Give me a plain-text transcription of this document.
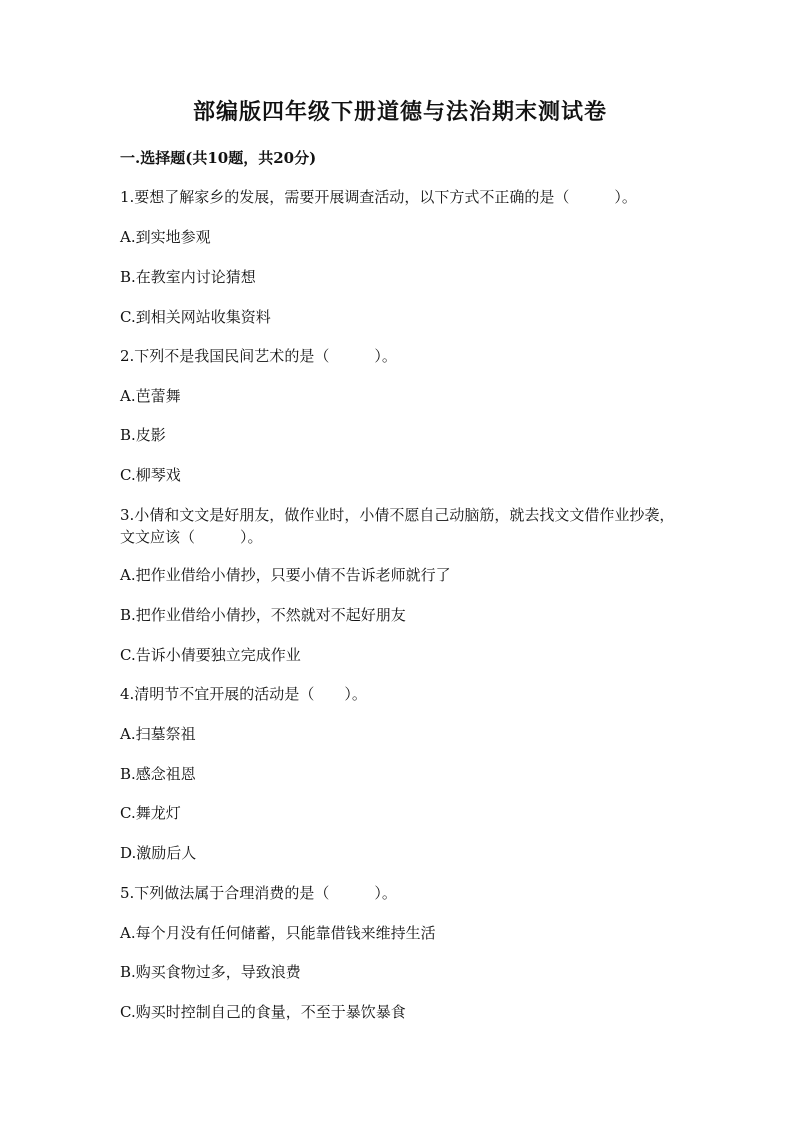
部编版四年级下册道德与法治期末测试卷
一.选择题(共10题，共20分)
1.要想了解家乡的发展，需要开展调查活动，以下方式不正确的是（　　　）。
A.到实地参观
B.在教室内讨论猜想
C.到相关网站收集资料
2.下列不是我国民间艺术的是（　　　）。
A.芭蕾舞
B.皮影
C.柳琴戏
3.小倩和文文是好朋友，做作业时，小倩不愿自己动脑筋，就去找文文借作业抄袭，文文应该（　　　）。
A.把作业借给小倩抄，只要小倩不告诉老师就行了
B.把作业借给小倩抄，不然就对不起好朋友
C.告诉小倩要独立完成作业
4.清明节不宜开展的活动是（　　）。
A.扫墓祭祖
B.感念祖恩
C.舞龙灯
D.激励后人
5.下列做法属于合理消费的是（　　　）。
A.每个月没有任何储蓄，只能靠借钱来维持生活
B.购买食物过多，导致浪费
C.购买时控制自己的食量，不至于暴饮暴食
